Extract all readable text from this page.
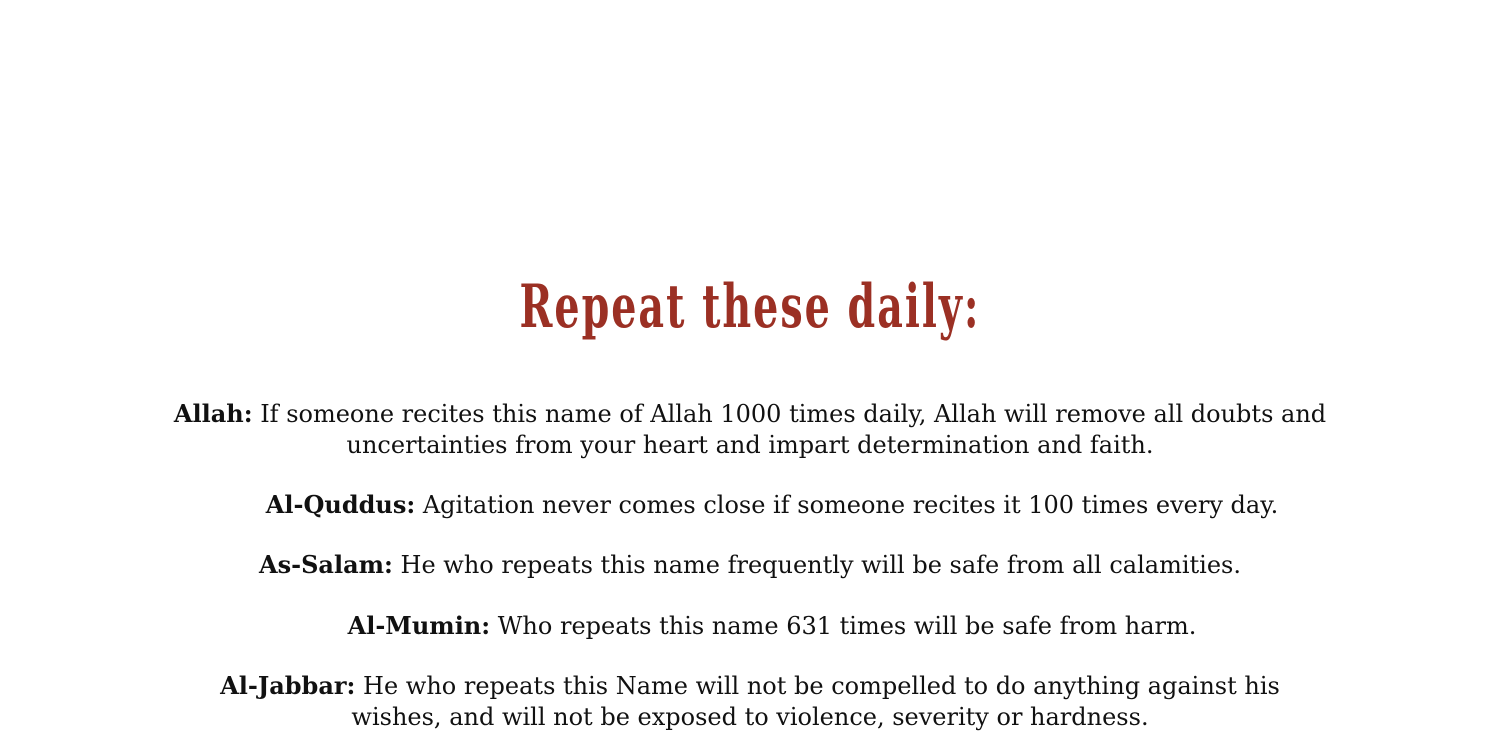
Repeat these daily:

Allah: If someone recites this name of Allah 1000 times daily, Allah will remove all doubts and
uncertainties from your heart and impart determination and faith.

Al-Quddus: Agitation never comes close if someone recites it 100 times every day.

As-Salam: He who repeats this name frequently will be safe from all calamities.

Al-Mumin: Who repeats this name 631 times will be safe from harm.

Al-Jabbar: He who repeats this Name will not be compelled to do anything against his
wishes, and will not be exposed to violence, severity or hardness.
